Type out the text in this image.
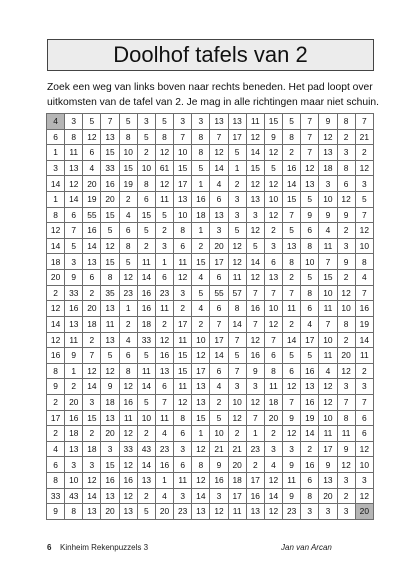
Doolhof tafels van 2
Zoek een weg van links boven naar rechts beneden. Het pad loopt over uitkomsten van de tafel van 2. Je mag in alle richtingen maar niet schuin.
4	3	5	7	5	3	5	3	3	13	13	11	15	5	7	9	8	7
6	8	12	13	8	5	8	7	8	7	17	12	9	8	7	12	2	21
1	11	6	15	10	2	12	10	8	12	5	14	12	2	7	13	3	2
3	13	4	33	15	10	61	15	5	14	1	15	5	16	12	18	8	12
14	12	20	16	19	8	12	17	1	4	2	12	12	14	13	3	6	3
1	14	19	20	2	6	11	13	16	6	3	13	10	15	5	10	12	5
8	6	55	15	4	15	5	10	18	13	3	3	12	7	9	9	9	7
12	7	16	5	6	5	2	8	1	3	5	12	2	5	6	4	2	12
14	5	14	12	8	2	3	6	2	20	12	5	3	13	8	11	3	10
18	3	13	15	5	11	1	11	15	17	12	14	6	8	10	7	9	8
20	9	6	8	12	14	6	12	4	6	11	12	13	2	5	15	2	4
2	33	2	35	23	16	23	3	5	55	57	7	7	7	8	10	12	7
12	16	20	13	1	16	11	2	4	6	8	16	10	11	6	11	10	16
14	13	18	11	2	18	2	17	2	7	14	7	12	2	4	7	8	19
12	11	2	13	4	33	12	11	10	17	7	12	7	14	17	10	2	14
16	9	7	5	6	5	16	15	12	14	5	16	6	5	5	11	20	11
8	1	12	12	8	11	13	15	17	6	7	9	8	6	16	4	12	2
9	2	14	9	12	14	6	11	13	4	3	3	11	12	13	12	3	3
2	20	3	18	16	5	7	12	13	2	10	12	18	7	16	12	7	7
17	16	15	13	11	10	11	8	15	5	12	7	20	9	19	10	8	6
2	18	2	20	12	2	4	6	1	10	2	1	2	12	14	11	11	6
4	13	18	3	33	43	23	3	12	21	21	23	3	3	2	17	9	12
6	3	3	15	12	14	16	6	8	9	20	2	4	9	16	9	12	10
8	10	12	16	16	13	1	11	12	16	18	17	12	11	6	13	3	3
33	43	14	13	12	2	4	3	14	3	17	16	14	9	8	20	2	12
9	8	13	20	13	5	20	23	13	12	11	13	12	23	3	3	3	20
6 Kinheim Rekenpuzzels 3	Jan van Arcan
